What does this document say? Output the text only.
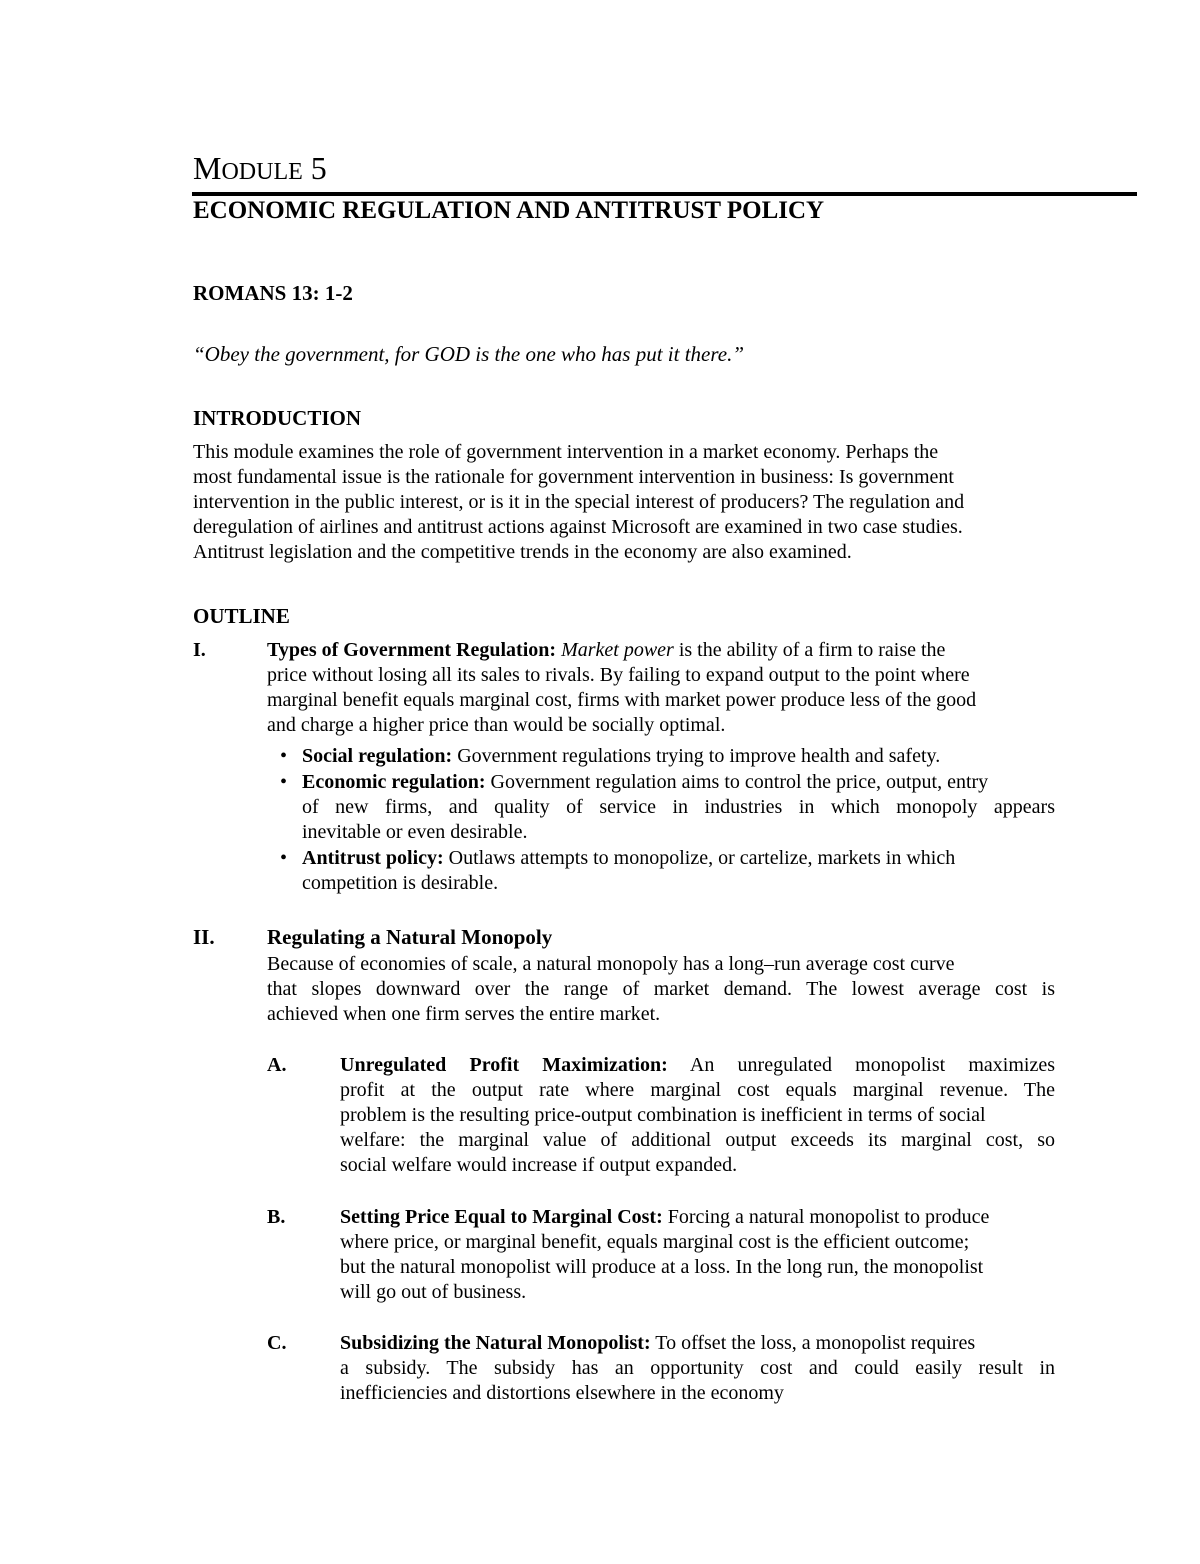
MODULE 5
ECONOMIC REGULATION AND ANTITRUST POLICY
ROMANS 13: 1-2
“Obey the government, for GOD is the one who has put it there.”
INTRODUCTION
This module examines the role of government intervention in a market economy. Perhaps the
most fundamental issue is the rationale for government intervention in business: Is government
intervention in the public interest, or is it in the special interest of producers? The regulation and
deregulation of airlines and antitrust actions against Microsoft are examined in two case studies.
Antitrust legislation and the competitive trends in the economy are also examined.
OUTLINE
I.	Types of Government Regulation: Market power is the ability of a firm to raise the
price without losing all its sales to rivals. By failing to expand output to the point where
marginal benefit equals marginal cost, firms with market power produce less of the good
and charge a higher price than would be socially optimal.
• Social regulation: Government regulations trying to improve health and safety.
• Economic regulation: Government regulation aims to control the price, output, entry
of new firms, and quality of service in industries in which monopoly appears
inevitable or even desirable.
• Antitrust policy: Outlaws attempts to monopolize, or cartelize, markets in which
competition is desirable.
II. Regulating a Natural Monopoly
Because of economies of scale, a natural monopoly has a long–run average cost curve
that slopes downward over the range of market demand. The lowest average cost is
achieved when one firm serves the entire market.
A.	Unregulated Profit Maximization: An unregulated monopolist maximizes
profit at the output rate where marginal cost equals marginal revenue. The
problem is the resulting price-output combination is inefficient in terms of social
welfare: the marginal value of additional output exceeds its marginal cost, so
social welfare would increase if output expanded.
B.	Setting Price Equal to Marginal Cost: Forcing a natural monopolist to produce
where price, or marginal benefit, equals marginal cost is the efficient outcome;
but the natural monopolist will produce at a loss. In the long run, the monopolist
will go out of business.
C.	Subsidizing the Natural Monopolist: To offset the loss, a monopolist requires
a subsidy. The subsidy has an opportunity cost and could easily result in
inefficiencies and distortions elsewhere in the economy
